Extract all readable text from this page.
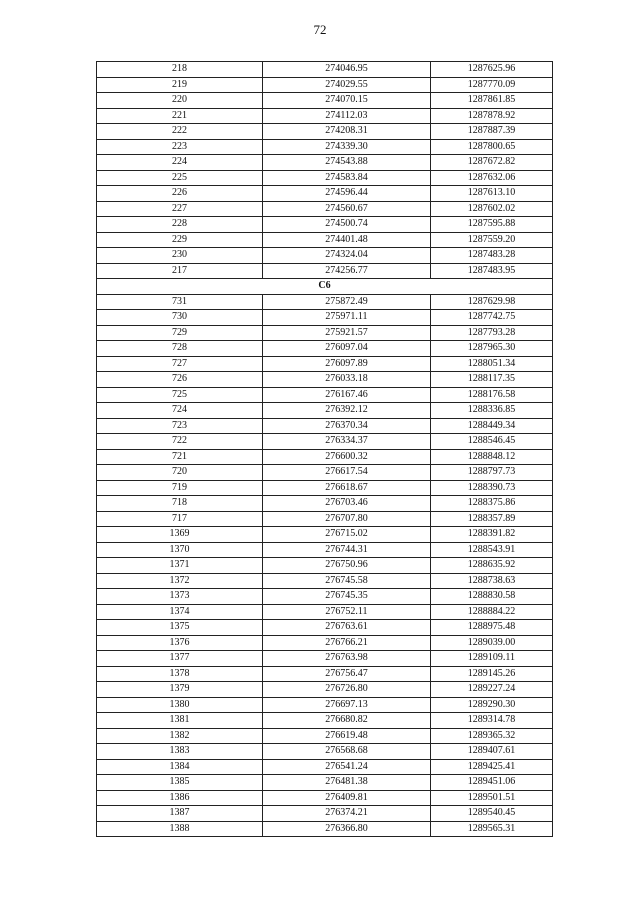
72
218	274046.95	1287625.96
219	274029.55	1287770.09
220	274070.15	1287861.85
221	274112.03	1287878.92
222	274208.31	1287887.39
223	274339.30	1287800.65
224	274543.88	1287672.82
225	274583.84	1287632.06
226	274596.44	1287613.10
227	274560.67	1287602.02
228	274500.74	1287595.88
229	274401.48	1287559.20
230	274324.04	1287483.28
217	274256.77	1287483.95
C6		
731	275872.49	1287629.98
730	275971.11	1287742.75
729	275921.57	1287793.28
728	276097.04	1287965.30
727	276097.89	1288051.34
726	276033.18	1288117.35
725	276167.46	1288176.58
724	276392.12	1288336.85
723	276370.34	1288449.34
722	276334.37	1288546.45
721	276600.32	1288848.12
720	276617.54	1288797.73
719	276618.67	1288390.73
718	276703.46	1288375.86
717	276707.80	1288357.89
1369	276715.02	1288391.82
1370	276744.31	1288543.91
1371	276750.96	1288635.92
1372	276745.58	1288738.63
1373	276745.35	1288830.58
1374	276752.11	1288884.22
1375	276763.61	1288975.48
1376	276766.21	1289039.00
1377	276763.98	1289109.11
1378	276756.47	1289145.26
1379	276726.80	1289227.24
1380	276697.13	1289290.30
1381	276680.82	1289314.78
1382	276619.48	1289365.32
1383	276568.68	1289407.61
1384	276541.24	1289425.41
1385	276481.38	1289451.06
1386	276409.81	1289501.51
1387	276374.21	1289540.45
1388	276366.80	1289565.31
